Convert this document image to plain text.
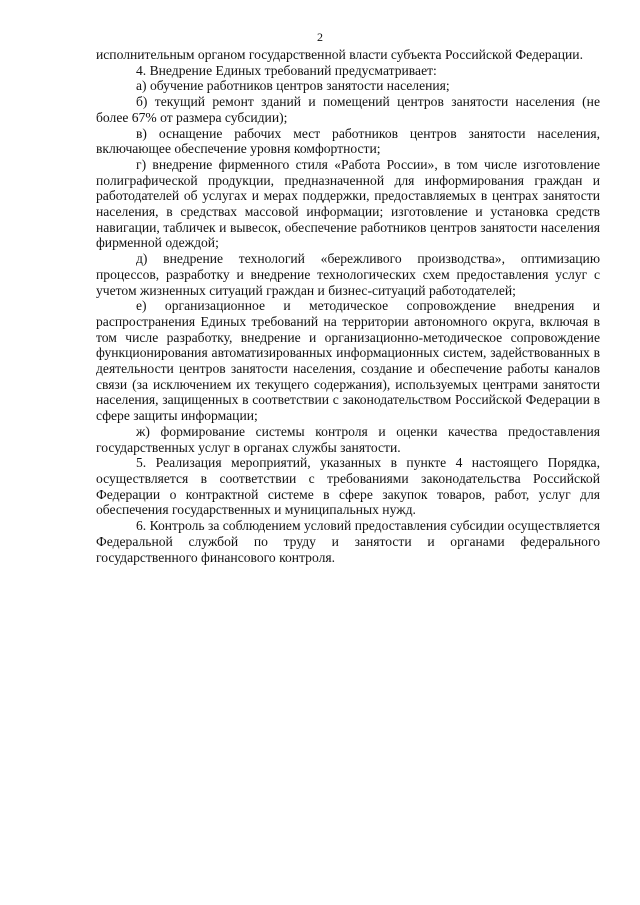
2

исполнительным органом государственной власти субъекта Российской Федерации.

4. Внедрение Единых требований предусматривает:

а) обучение работников центров занятости населения;

б) текущий ремонт зданий и помещений центров занятости населения (не более 67% от размера субсидии);

в) оснащение рабочих мест работников центров занятости населения, включающее обеспечение уровня комфортности;

г) внедрение фирменного стиля «Работа России», в том числе изготовление полиграфической продукции, предназначенной для информирования граждан и работодателей об услугах и мерах поддержки, предоставляемых в центрах занятости населения, в средствах массовой информации; изготовление и установка средств навигации, табличек и вывесок, обеспечение работников центров занятости населения фирменной одеждой;

д) внедрение технологий «бережливого производства», оптимизацию процессов, разработку и внедрение технологических схем предоставления услуг с учетом жизненных ситуаций граждан и бизнес-ситуаций работодателей;

е) организационное и методическое сопровождение внедрения и распространения Единых требований на территории автономного округа, включая в том числе разработку, внедрение и организационно-методическое сопровождение функционирования автоматизированных информационных систем, задействованных в деятельности центров занятости населения, создание и обеспечение работы каналов связи (за исключением их текущего содержания), используемых центрами занятости населения, защищенных в соответствии с законодательством Российской Федерации в сфере защиты информации;

ж) формирование системы контроля и оценки качества предоставления государственных услуг в органах службы занятости.

5. Реализация мероприятий, указанных в пункте 4 настоящего Порядка, осуществляется в соответствии с требованиями законодательства Российской Федерации о контрактной системе в сфере закупок товаров, работ, услуг для обеспечения государственных и муниципальных нужд.

6. Контроль за соблюдением условий предоставления субсидии осуществляется Федеральной службой по труду и занятости и органами федерального государственного финансового контроля.
